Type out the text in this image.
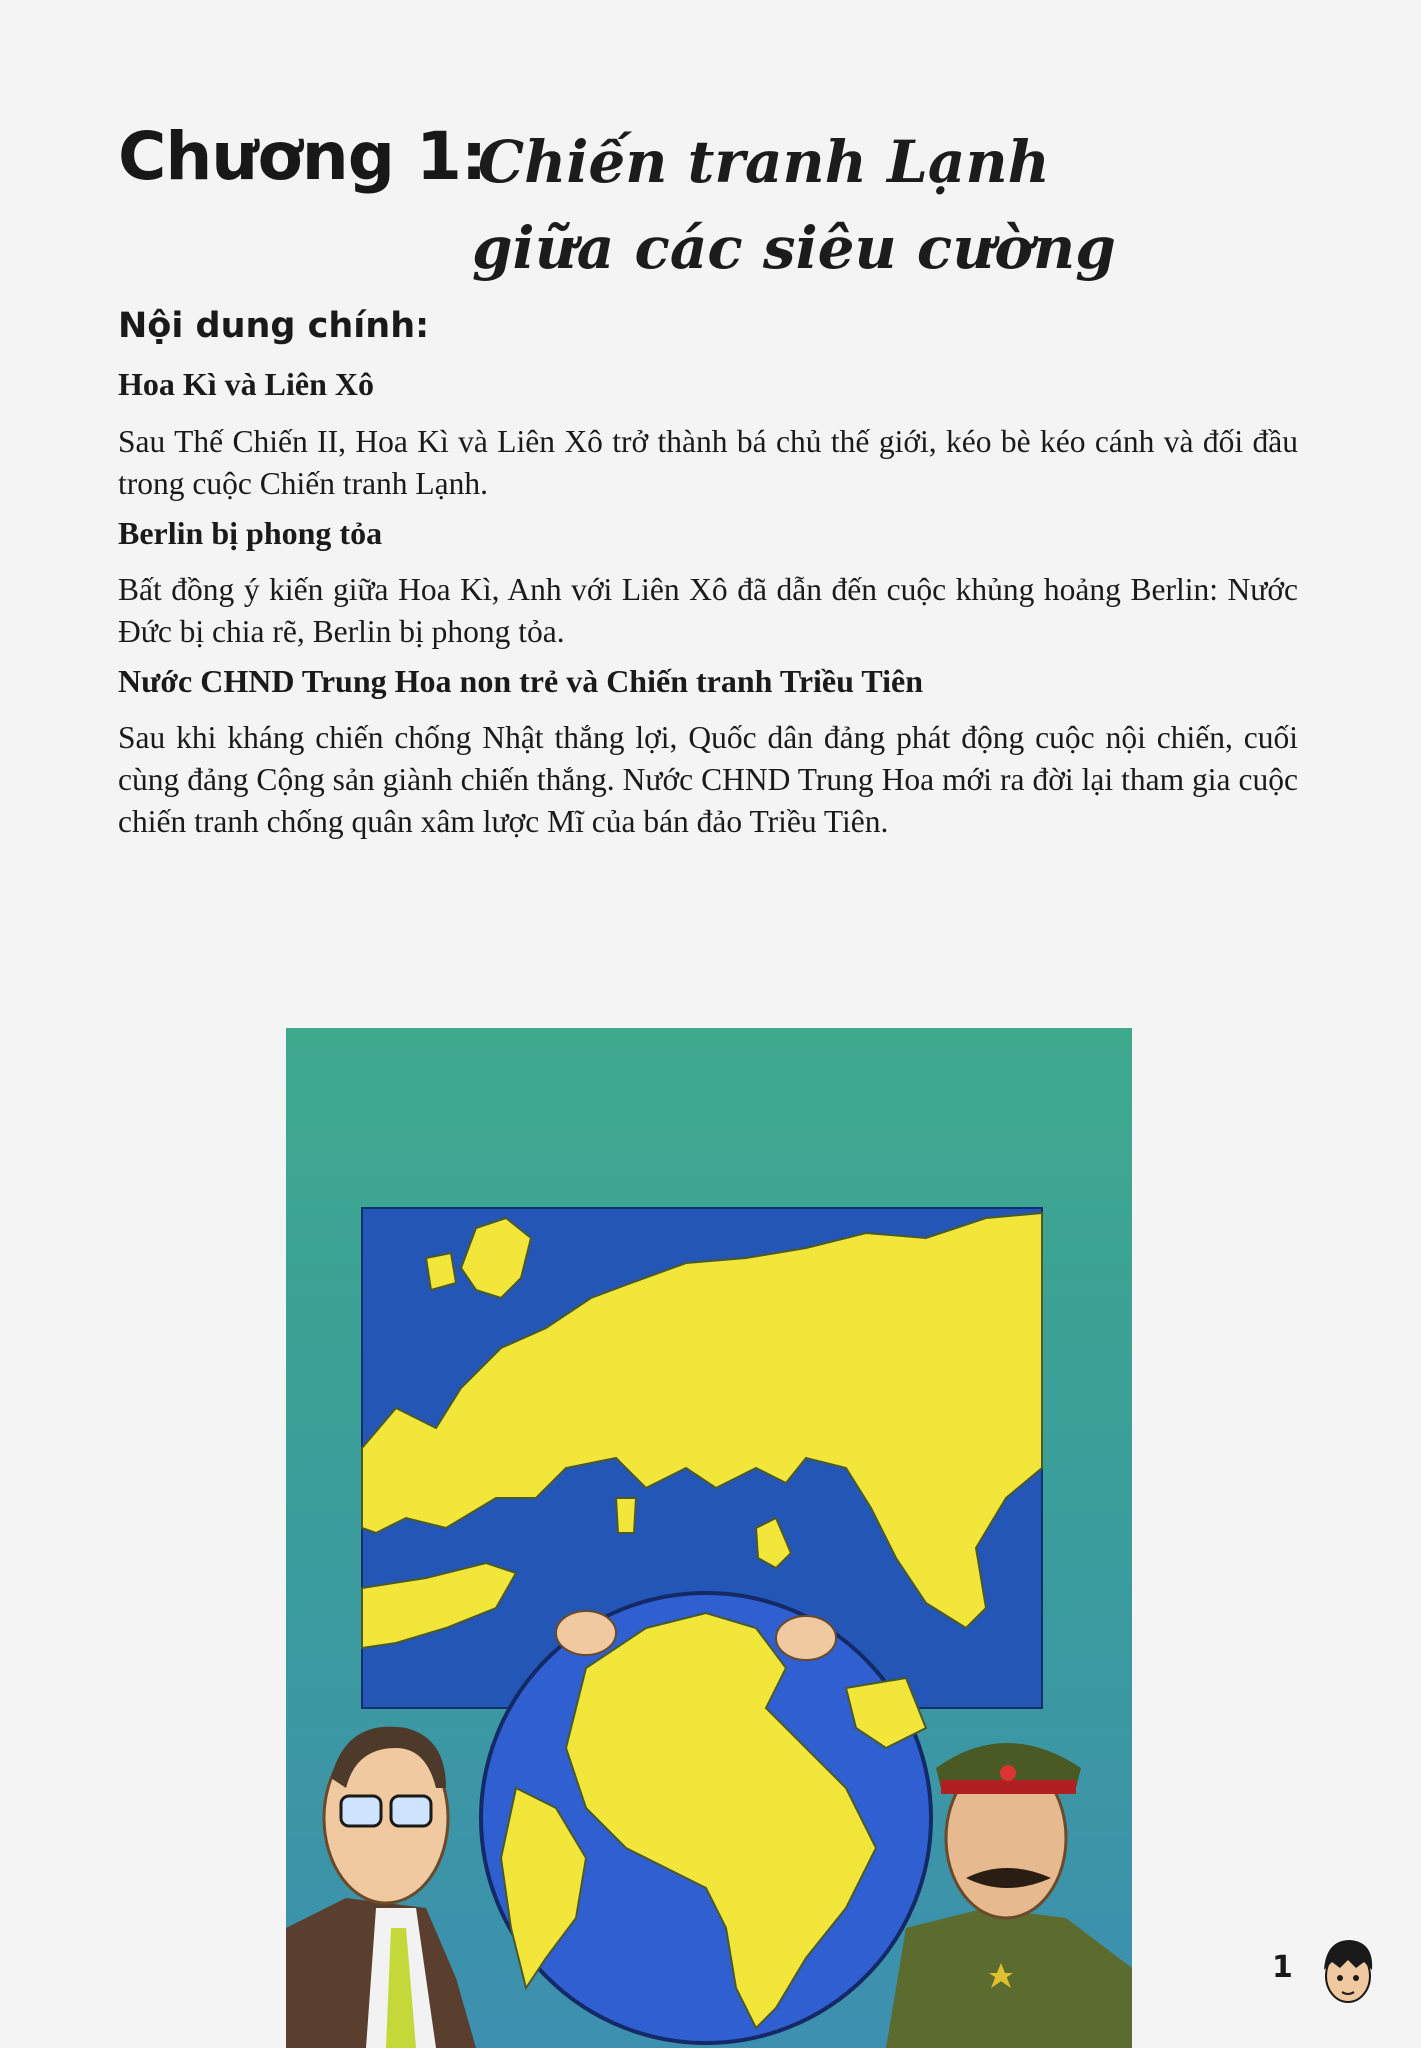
Chương 1:
Chiến tranh Lạnh
giữa các siêu cường
Nội dung chính:
Hoa Kì và Liên Xô

Sau Thế Chiến II, Hoa Kì và Liên Xô trở thành bá chủ thế giới, kéo bè kéo cánh và đối đầu trong cuộc Chiến tranh Lạnh.

Berlin bị phong tỏa

Bất đồng ý kiến giữa Hoa Kì, Anh với Liên Xô đã dẫn đến cuộc khủng hoảng Berlin: Nước Đức bị chia rẽ, Berlin bị phong tỏa.

Nước CHND Trung Hoa non trẻ và Chiến tranh Triều Tiên

Sau khi kháng chiến chống Nhật thắng lợi, Quốc dân đảng phát động cuộc nội chiến, cuối cùng đảng Cộng sản giành chiến thắng. Nước CHND Trung Hoa mới ra đời lại tham gia cuộc chiến tranh chống quân xâm lược Mĩ của bán đảo Triều Tiên.

1
